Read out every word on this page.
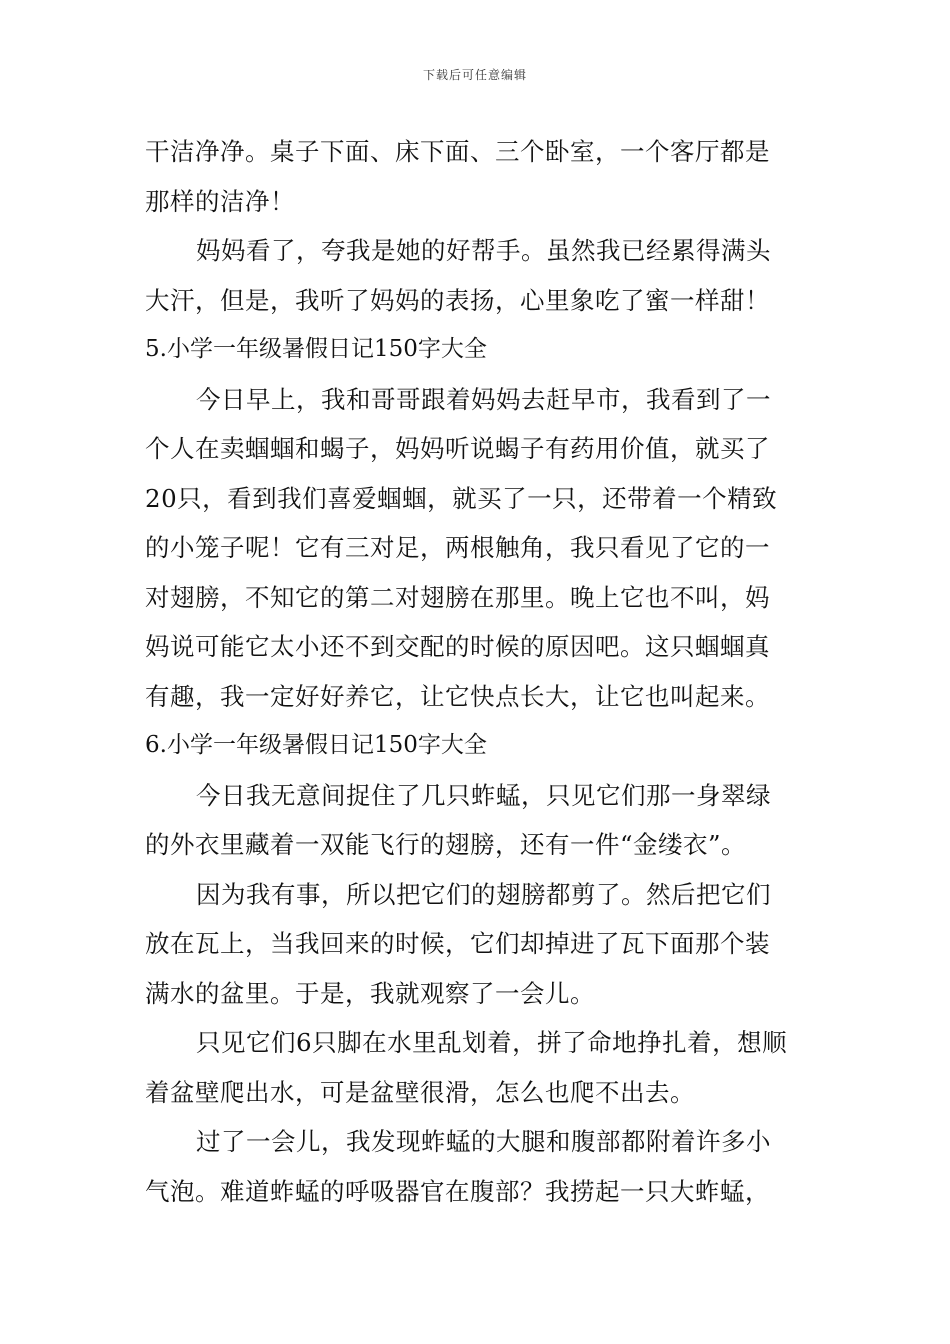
下载后可任意编辑
干洁净净。桌子下面、床下面、三个卧室，一个客厅都是
那样的洁净！
妈妈看了，夸我是她的好帮手。虽然我已经累得满头
大汗，但是，我听了妈妈的表扬，心里象吃了蜜一样甜！
5.小学一年级暑假日记150字大全
今日早上，我和哥哥跟着妈妈去赶早市，我看到了一
个人在卖蝈蝈和蝎子，妈妈听说蝎子有药用价值，就买了
20只，看到我们喜爱蝈蝈，就买了一只，还带着一个精致
的小笼子呢！它有三对足，两根触角，我只看见了它的一
对翅膀，不知它的第二对翅膀在那里。晚上它也不叫，妈
妈说可能它太小还不到交配的时候的原因吧。这只蝈蝈真
有趣，我一定好好养它，让它快点长大，让它也叫起来。
6.小学一年级暑假日记150字大全
今日我无意间捉住了几只蚱蜢，只见它们那一身翠绿
的外衣里藏着一双能飞行的翅膀，还有一件“金缕衣”。
因为我有事，所以把它们的翅膀都剪了。然后把它们
放在瓦上，当我回来的时候，它们却掉进了瓦下面那个装
满水的盆里。于是，我就观察了一会儿。
只见它们6只脚在水里乱划着，拼了命地挣扎着，想顺
着盆壁爬出水，可是盆壁很滑，怎么也爬不出去。
过了一会儿，我发现蚱蜢的大腿和腹部都附着许多小
气泡。难道蚱蜢的呼吸器官在腹部？我捞起一只大蚱蜢，
